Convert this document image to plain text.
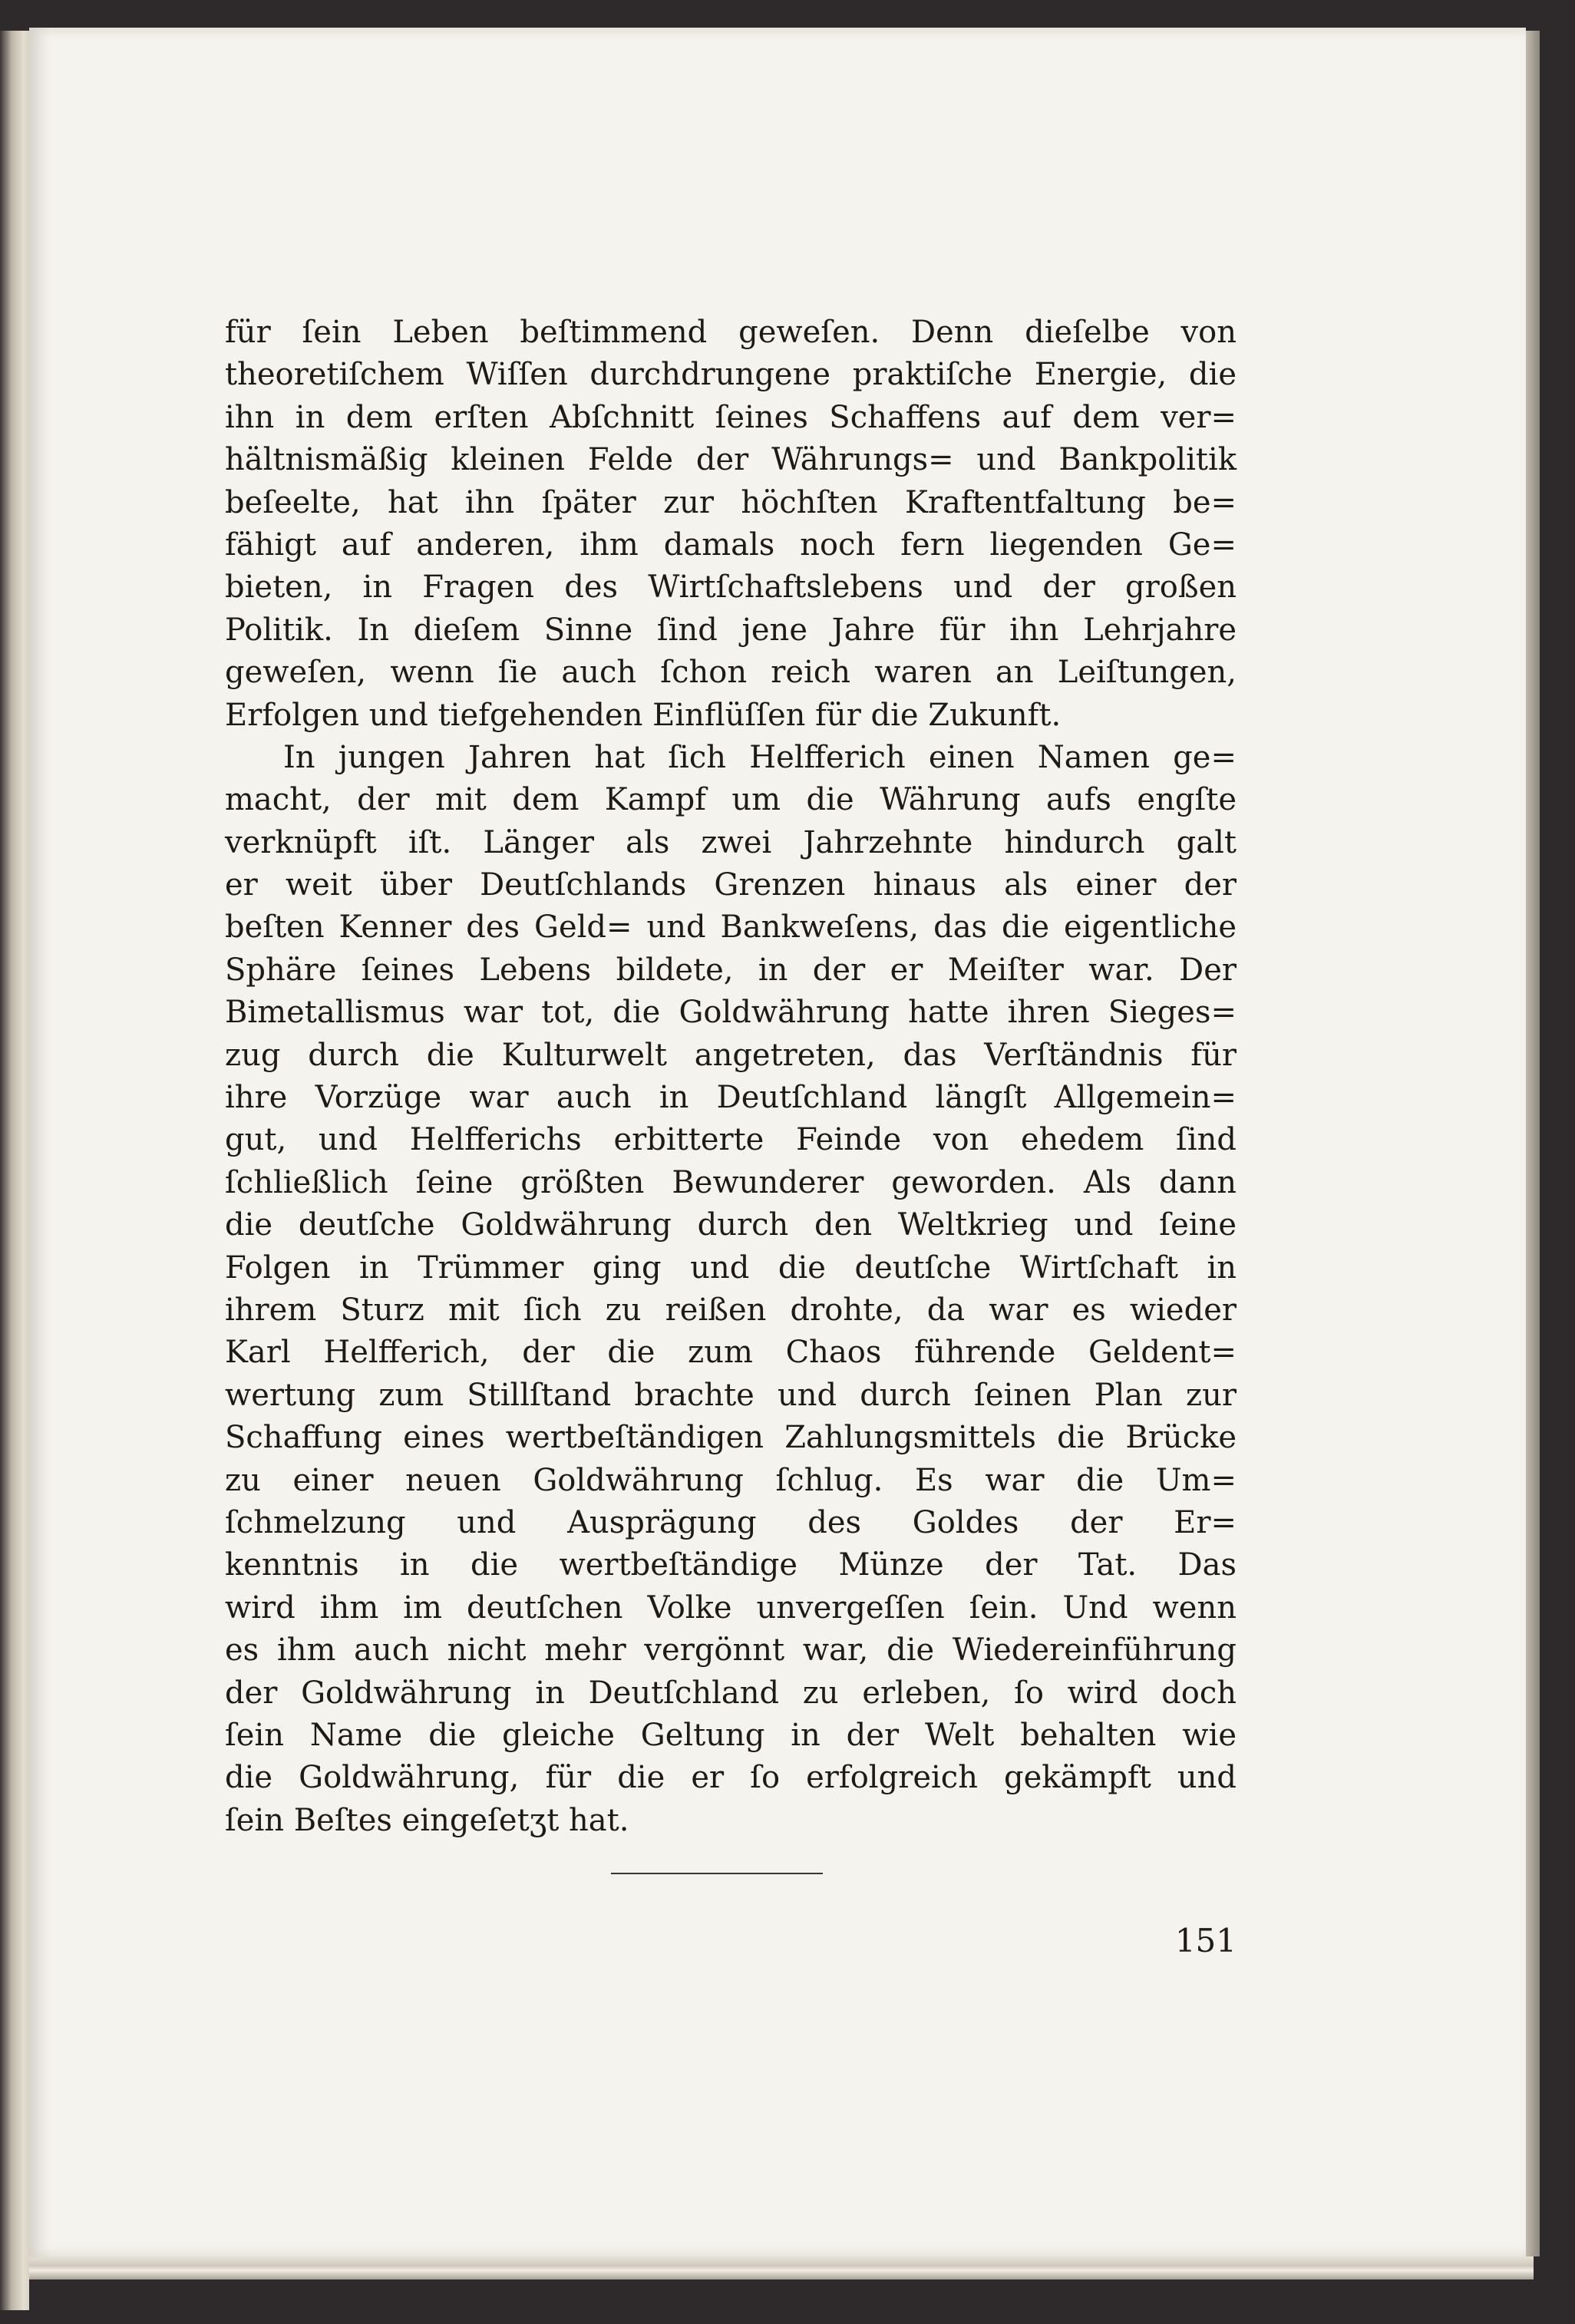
für ſein Leben beſtimmend geweſen. Denn dieſelbe von
theoretiſchem Wiſſen durchdrungene praktiſche Energie, die
ihn in dem erſten Abſchnitt ſeines Schaffens auf dem ver=
hältnismäßig kleinen Felde der Währungs= und Bankpolitik
beſeelte, hat ihn ſpäter zur höchſten Kraftentfaltung be=
fähigt auf anderen, ihm damals noch fern liegenden Ge=
bieten, in Fragen des Wirtſchaftslebens und der großen
Politik. In dieſem Sinne ſind jene Jahre für ihn Lehrjahre
geweſen, wenn ſie auch ſchon reich waren an Leiſtungen,
Erfolgen und tiefgehenden Einflüſſen für die Zukunft.
In jungen Jahren hat ſich Helfferich einen Namen ge=
macht, der mit dem Kampf um die Währung aufs engſte
verknüpft iſt. Länger als zwei Jahrzehnte hindurch galt
er weit über Deutſchlands Grenzen hinaus als einer der
beſten Kenner des Geld= und Bankweſens, das die eigentliche
Sphäre ſeines Lebens bildete, in der er Meiſter war. Der
Bimetallismus war tot, die Goldwährung hatte ihren Sieges=
zug durch die Kulturwelt angetreten, das Verſtändnis für
ihre Vorzüge war auch in Deutſchland längſt Allgemein=
gut, und Helfferichs erbitterte Feinde von ehedem ſind
ſchließlich ſeine größten Bewunderer geworden. Als dann
die deutſche Goldwährung durch den Weltkrieg und ſeine
Folgen in Trümmer ging und die deutſche Wirtſchaft in
ihrem Sturz mit ſich zu reißen drohte, da war es wieder
Karl Helfferich, der die zum Chaos führende Geldent=
wertung zum Stillſtand brachte und durch ſeinen Plan zur
Schaffung eines wertbeſtändigen Zahlungsmittels die Brücke
zu einer neuen Goldwährung ſchlug. Es war die Um=
ſchmelzung und Ausprägung des Goldes der Er=
kenntnis in die wertbeſtändige Münze der Tat. Das
wird ihm im deutſchen Volke unvergeſſen ſein. Und wenn
es ihm auch nicht mehr vergönnt war, die Wiedereinführung
der Goldwährung in Deutſchland zu erleben, ſo wird doch
ſein Name die gleiche Geltung in der Welt behalten wie
die Goldwährung, für die er ſo erfolgreich gekämpft und
ſein Beſtes eingeſetʒt hat.
151
